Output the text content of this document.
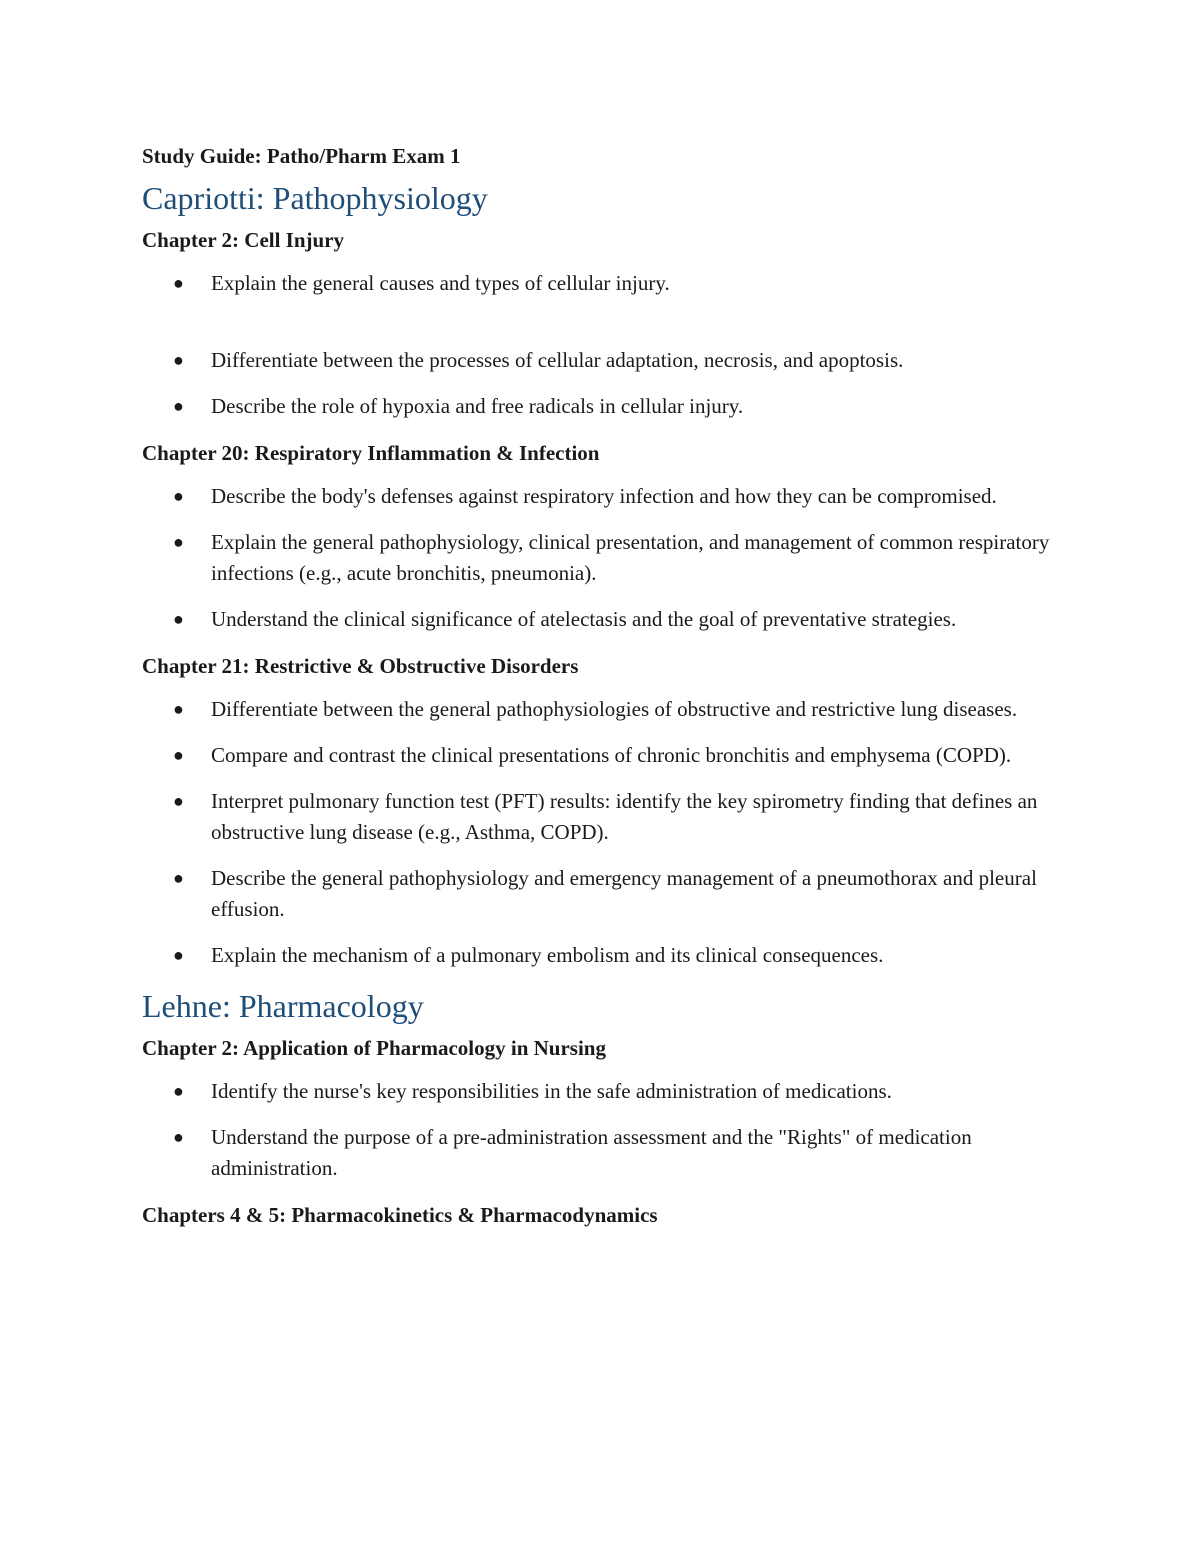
Study Guide: Patho/Pharm Exam 1
Capriotti: Pathophysiology
Chapter 2: Cell Injury
● Explain the general causes and types of cellular injury.
● Differentiate between the processes of cellular adaptation, necrosis, and apoptosis.
● Describe the role of hypoxia and free radicals in cellular injury.
Chapter 20: Respiratory Inflammation & Infection
● Describe the body's defenses against respiratory infection and how they can be compromised.
● Explain the general pathophysiology, clinical presentation, and management of common respiratory infections (e.g., acute bronchitis, pneumonia).
● Understand the clinical significance of atelectasis and the goal of preventative strategies.
Chapter 21: Restrictive & Obstructive Disorders
● Differentiate between the general pathophysiologies of obstructive and restrictive lung diseases.
● Compare and contrast the clinical presentations of chronic bronchitis and emphysema (COPD).
● Interpret pulmonary function test (PFT) results: identify the key spirometry finding that defines an obstructive lung disease (e.g., Asthma, COPD).
● Describe the general pathophysiology and emergency management of a pneumothorax and pleural effusion.
● Explain the mechanism of a pulmonary embolism and its clinical consequences.
Lehne: Pharmacology
Chapter 2: Application of Pharmacology in Nursing
● Identify the nurse's key responsibilities in the safe administration of medications.
● Understand the purpose of a pre-administration assessment and the "Rights" of medication administration.
Chapters 4 & 5: Pharmacokinetics & Pharmacodynamics
